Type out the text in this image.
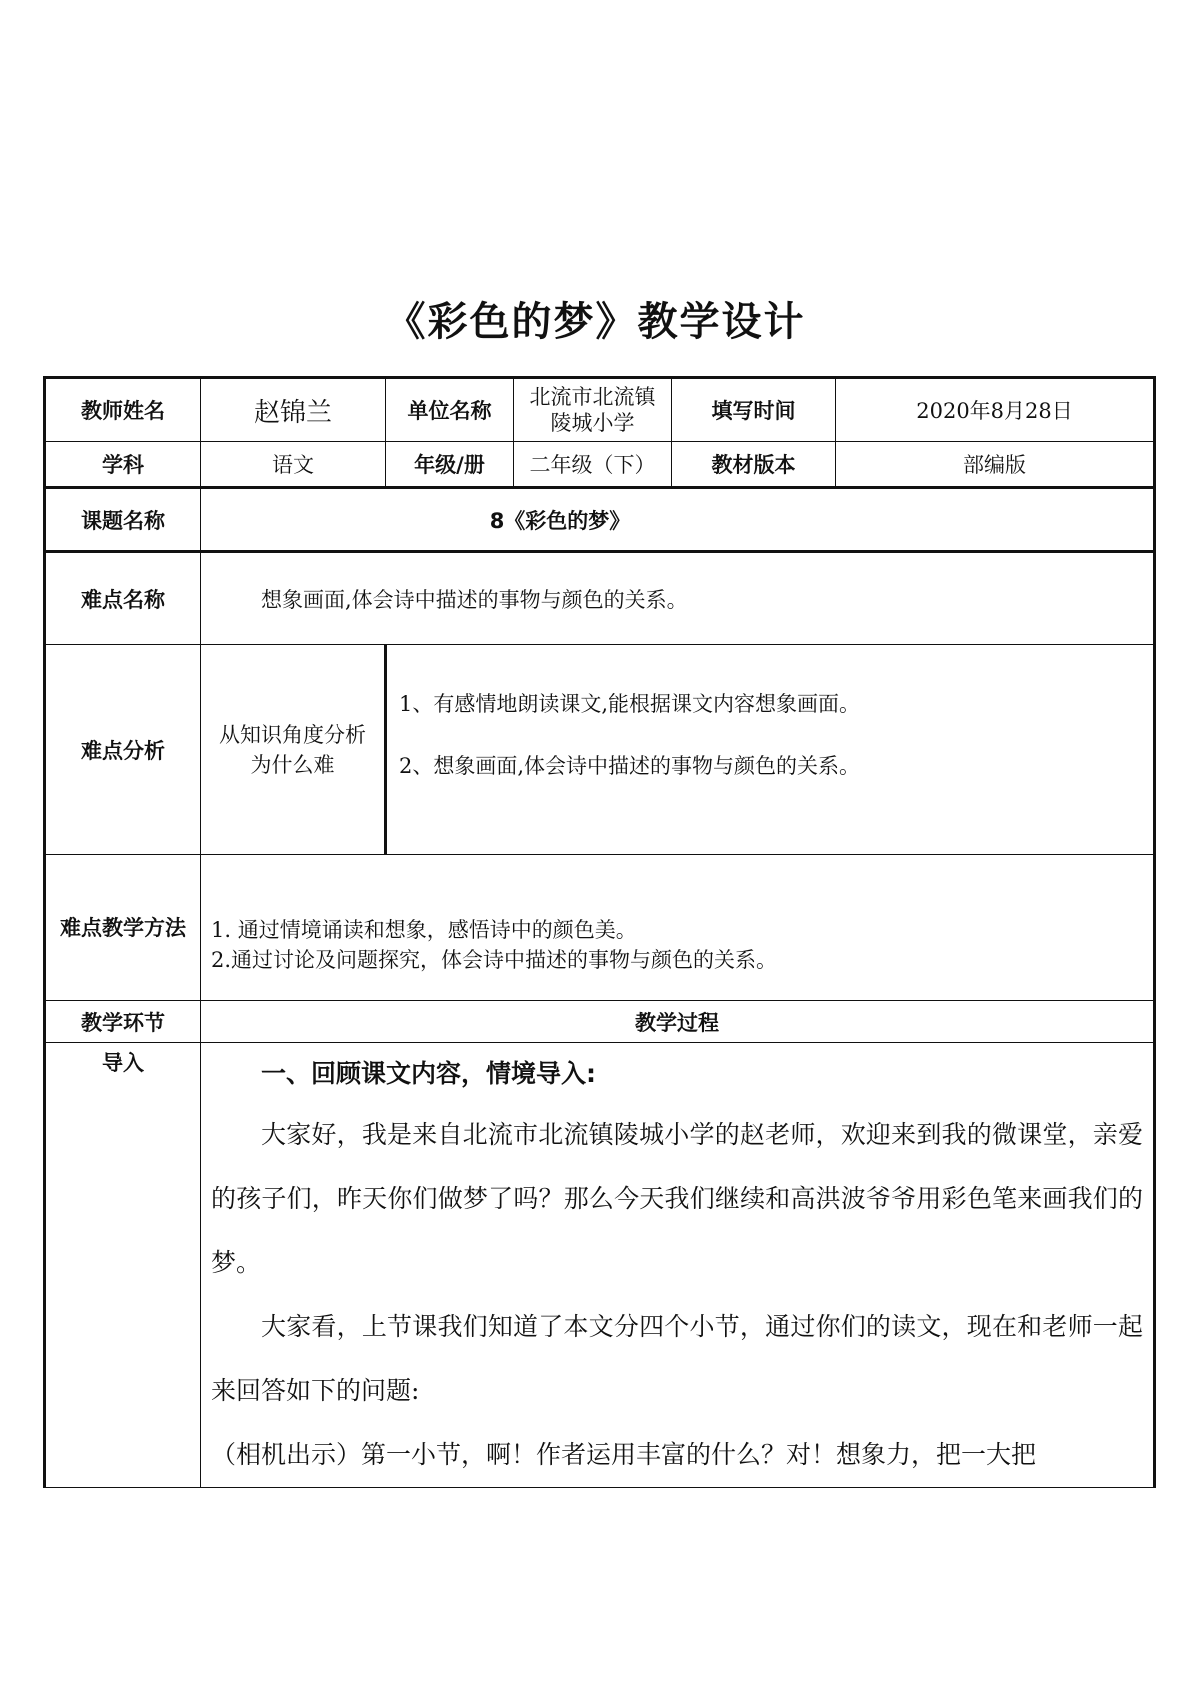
《彩色的梦》教学设计
教师姓名	赵锦兰	单位名称	北流市北流镇陵城小学	填写时间	2020年8月28日
学科	语文	年级/册	二年级（下）	教材版本	部编版
课题名称	8《彩色的梦》				
难点名称	想象画面,体会诗中描述的事物与颜色的关系。				
难点分析	从知识角度分析为什么难	1、有感情地朗读课文,能根据课文内容想象画面。

2、想象画面,体会诗中描述的事物与颜色的关系。			

难点教学方法	1. 通过情境诵读和想象，感悟诗中的颜色美。
2.通过讨论及问题探究，体会诗中描述的事物与颜色的关系。				

教学环节	教学过程				
导入	一、回顾课文内容，情境导入:

大家好，我是来自北流市北流镇陵城小学的赵老师，欢迎来到我的微课堂，亲爱的孩子们，昨天你们做梦了吗？那么今天我们继续和高洪波爷爷用彩色笔来画我们的梦。

大家看，上节课我们知道了本文分四个小节，通过你们的读文，现在和老师一起来回答如下的问题:

（相机出示）第一小节，啊！作者运用丰富的什么？对！想象力，把一大把				
